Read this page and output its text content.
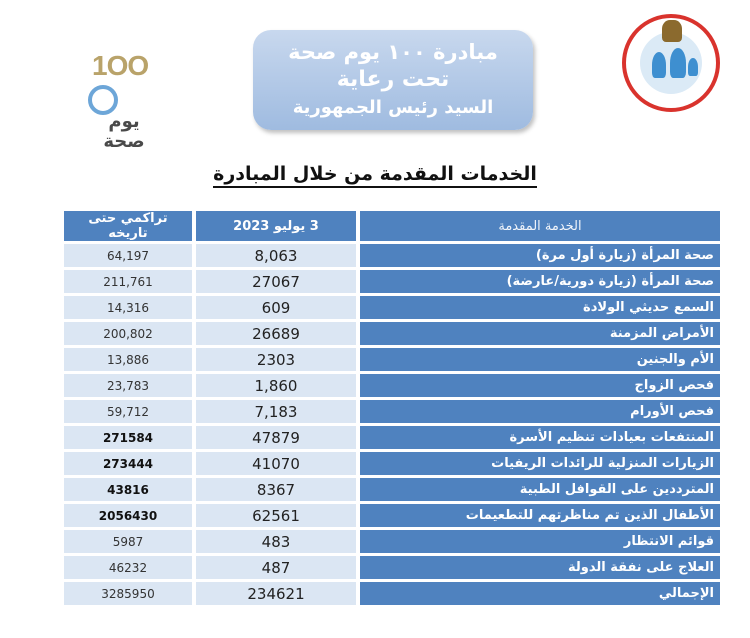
1OO
يوم
صحة
مبادرة ١٠٠ يوم صحة
تحت رعاية
السيد رئيس الجمهورية
الخدمات المقدمة من خلال المبادرة
الخدمة المقدمة	3 يوليو 2023	تراكمي حتى تاريخه
صحة المرأة (زيارة أول مرة)	8,063	64,197
صحة المرأة (زيارة دورية/عارضة)	27067	211,761
السمع حديثي الولادة	609	14,316
الأمراض المزمنة	26689	200,802
الأم والجنين	2303	13,886
فحص الزواج	1,860	23,783
فحص الأورام	7,183	59,712
المنتفعات بعيادات تنظيم الأسرة	47879	271584
الزيارات المنزلية للرائدات الريفيات	41070	273444
المترددين على القوافل الطبية	8367	43816
الأطفال الذين تم مناظرتهم للتطعيمات	62561	2056430
قوائم الانتظار	483	5987
العلاج على نفقة الدولة	487	46232
الإجمالي	234621	3285950
